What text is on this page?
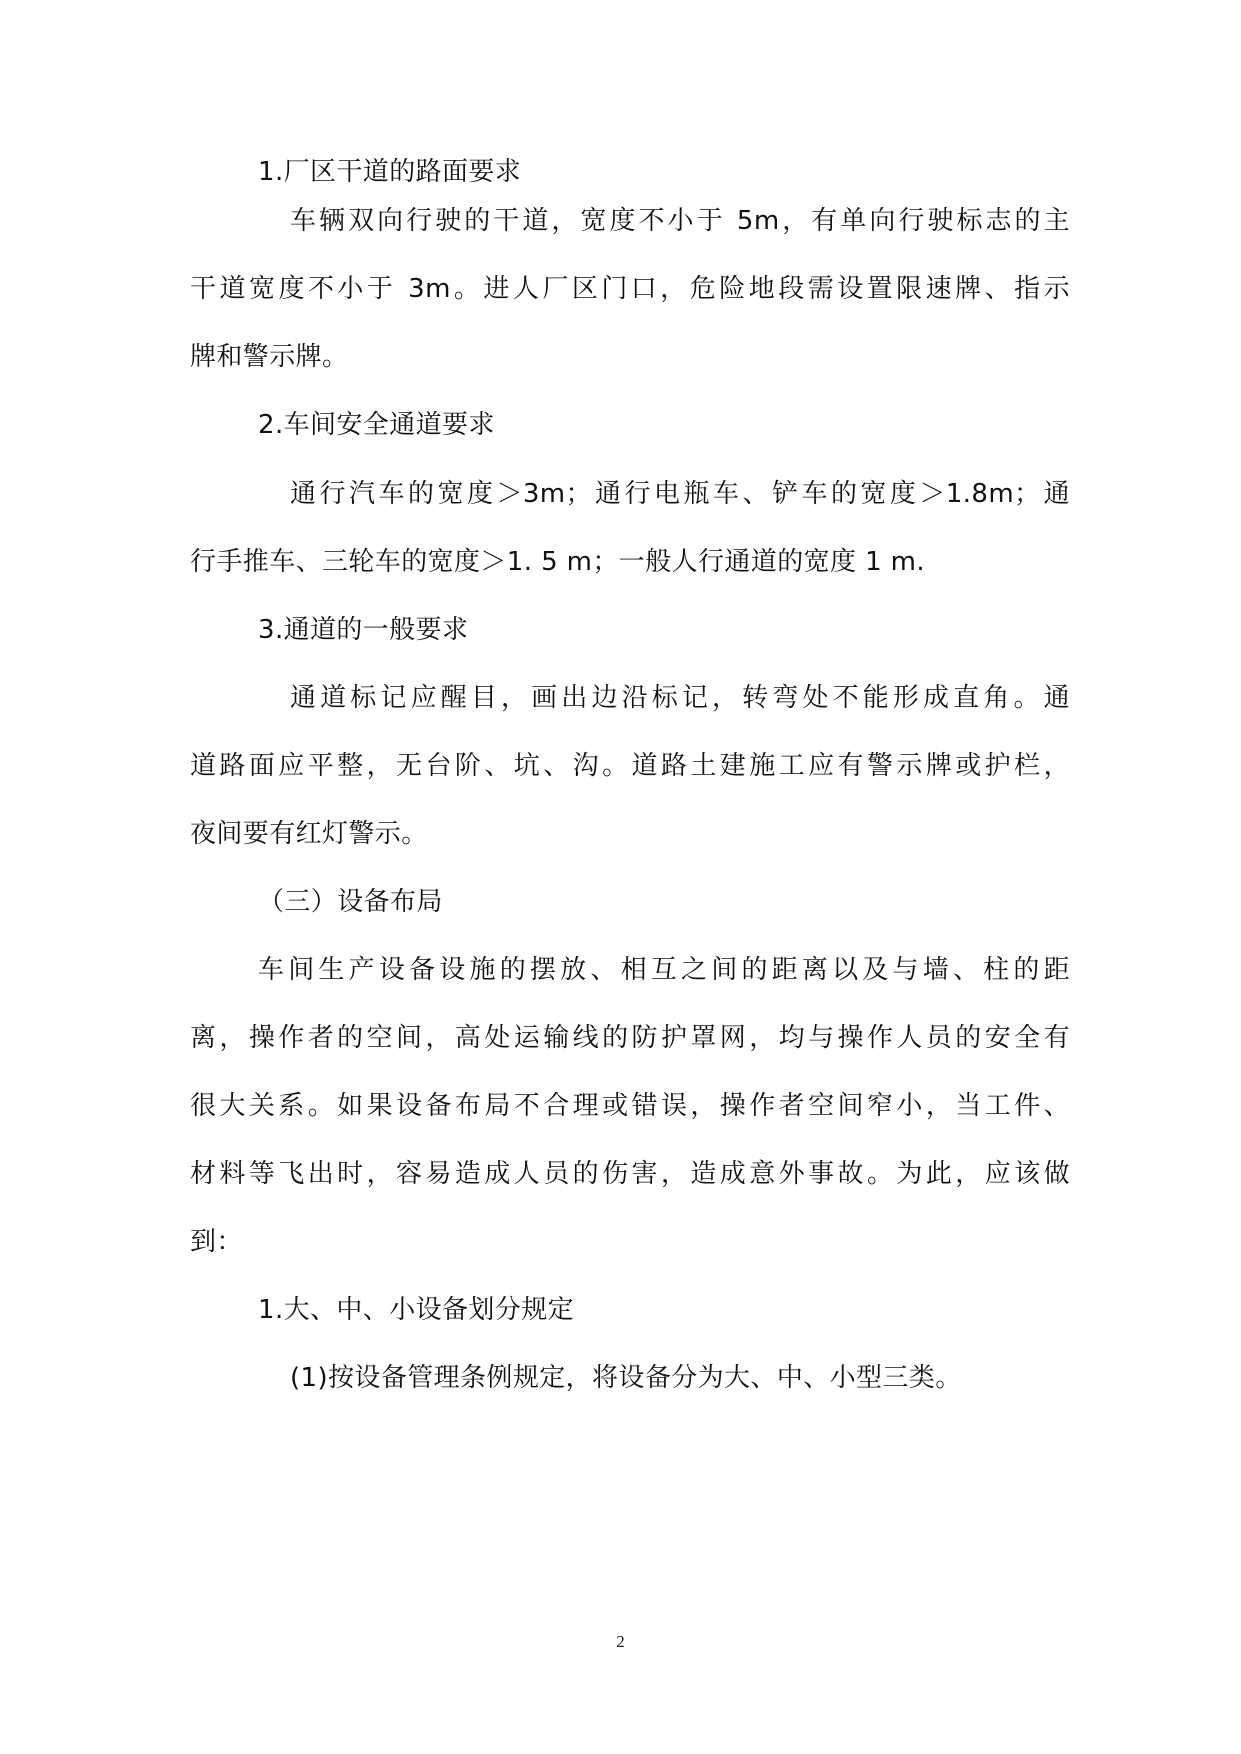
1.厂区干道的路面要求
车辆双向行驶的干道，宽度不小于 5m，有单向行驶标志的主
干道宽度不小于 3m。进人厂区门口，危险地段需设置限速牌、指示
牌和警示牌。
2.车间安全通道要求
通行汽车的宽度＞3m；通行电瓶车、铲车的宽度＞1.8m；通
行手推车、三轮车的宽度＞1. 5 m；一般人行通道的宽度 1 m.
3.通道的一般要求
通道标记应醒目，画出边沿标记，转弯处不能形成直角。通
道路面应平整，无台阶、坑、沟。道路土建施工应有警示牌或护栏，
夜间要有红灯警示。
（三）设备布局
车间生产设备设施的摆放、相互之间的距离以及与墙、柱的距
离，操作者的空间，高处运输线的防护罩网，均与操作人员的安全有
很大关系。如果设备布局不合理或错误，操作者空间窄小，当工件、
材料等飞出时，容易造成人员的伤害，造成意外事故。为此，应该做
到：
1.大、中、小设备划分规定
(1)按设备管理条例规定，将设备分为大、中、小型三类。
2
